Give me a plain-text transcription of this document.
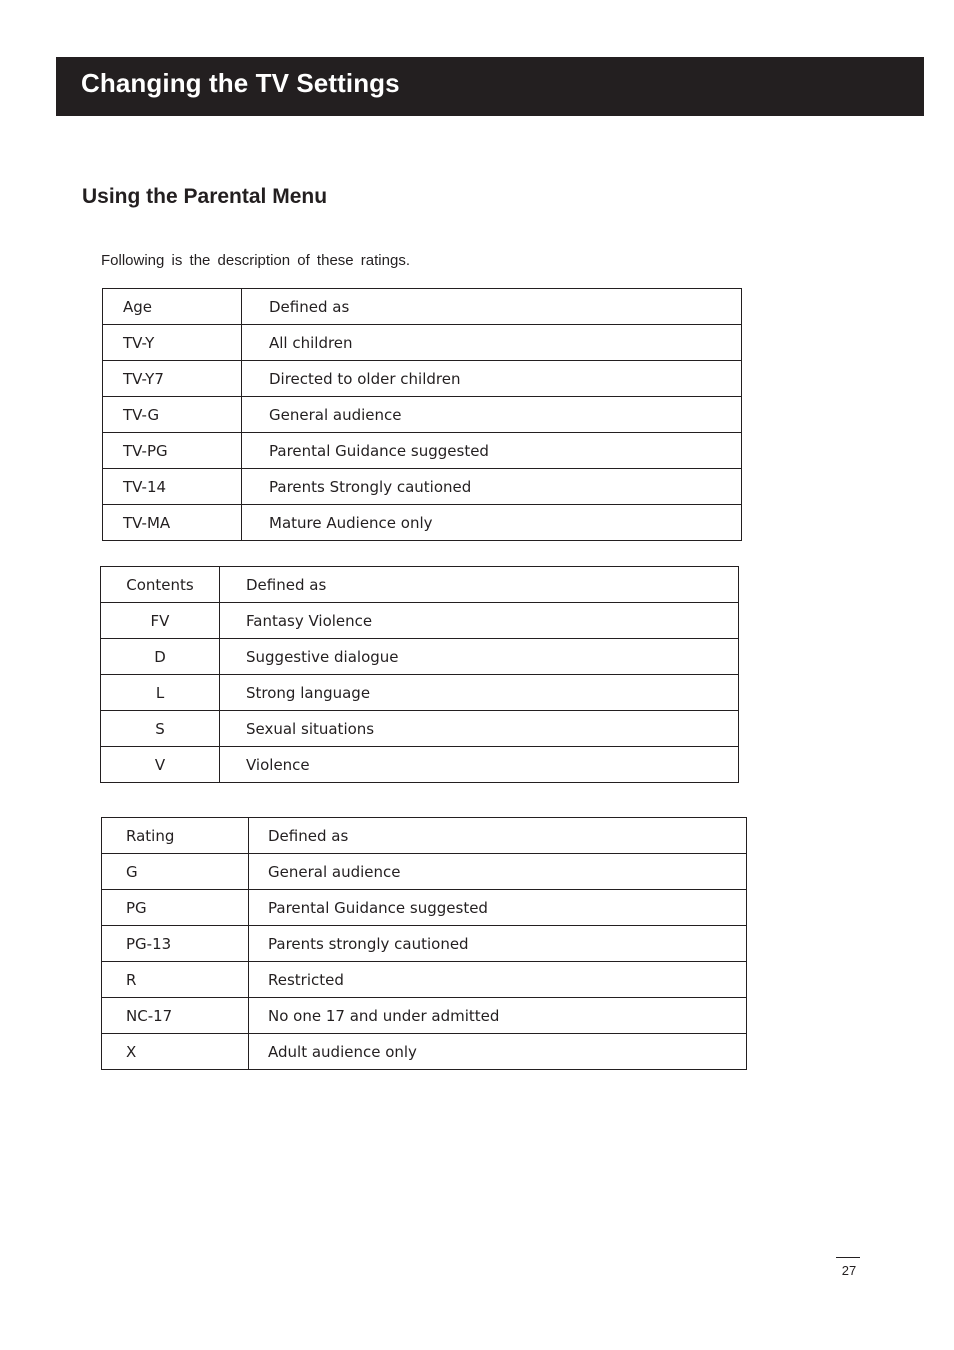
Changing the TV Settings
Using the Parental Menu
Following is the description of these ratings.
Age	Defined as
TV-Y	All children
TV-Y7	Directed to older children
TV-G	General audience
TV-PG	Parental Guidance suggested
TV-14	Parents Strongly cautioned
TV-MA	Mature Audience only
Contents	Defined as
FV	Fantasy Violence
D	Suggestive dialogue
L	Strong language
S	Sexual situations
V	Violence
Rating	Defined as
G	General audience
PG	Parental Guidance suggested
PG-13	Parents strongly cautioned
R	Restricted
NC-17	No one 17 and under admitted
X	Adult audience only
27
